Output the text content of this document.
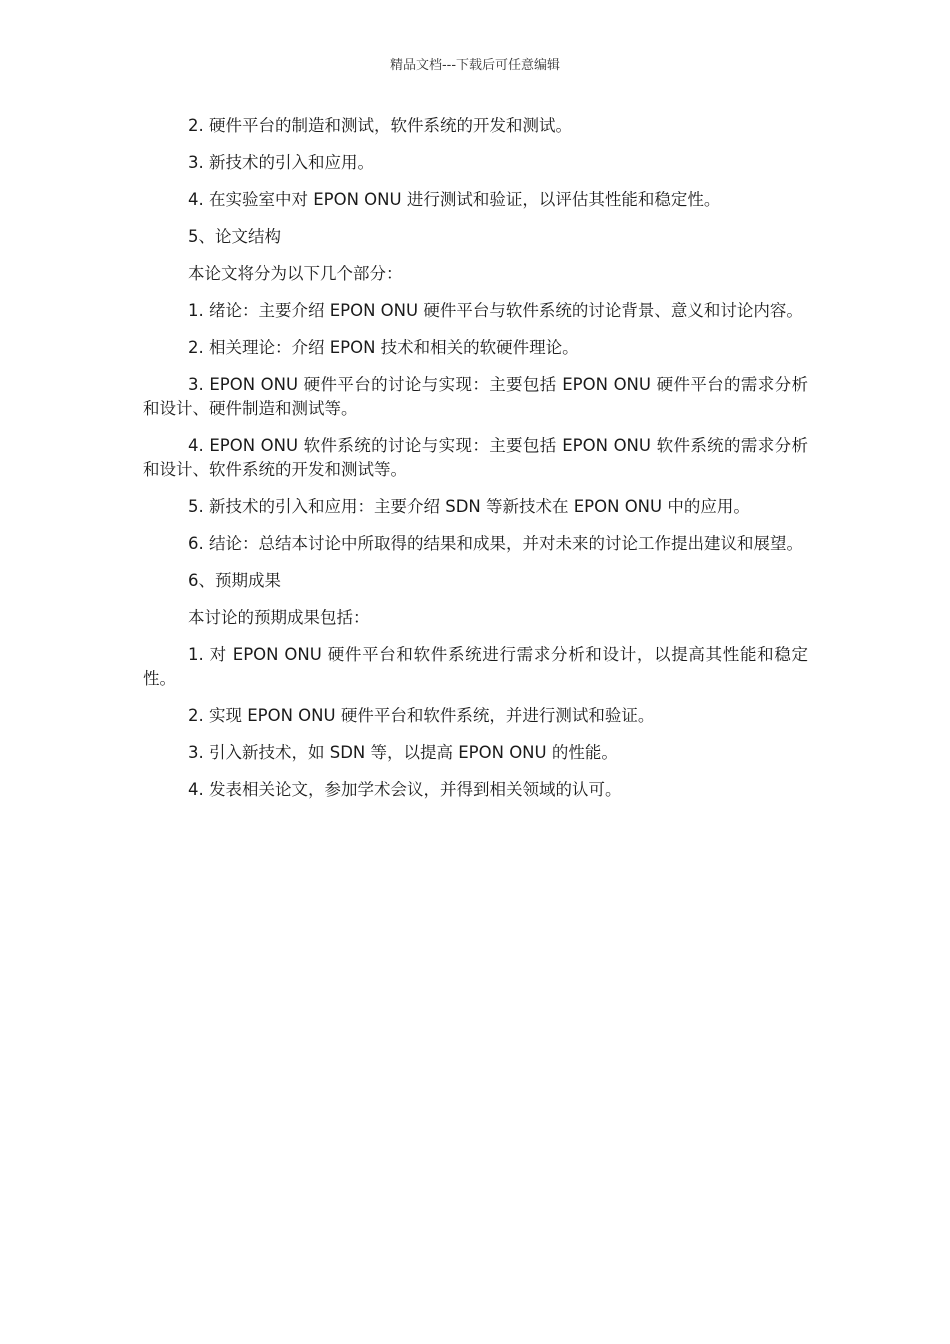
精品文档---下载后可任意编辑

2. 硬件平台的制造和测试，软件系统的开发和测试。

3. 新技术的引入和应用。

4. 在实验室中对 EPON ONU 进行测试和验证，以评估其性能和稳定性。

5、论文结构

本论文将分为以下几个部分：

1. 绪论：主要介绍 EPON ONU 硬件平台与软件系统的讨论背景、意义和讨论内容。

2. 相关理论：介绍 EPON 技术和相关的软硬件理论。

3. EPON ONU 硬件平台的讨论与实现：主要包括 EPON ONU 硬件平台的需求分析和设计、硬件制造和测试等。

4. EPON ONU 软件系统的讨论与实现：主要包括 EPON ONU 软件系统的需求分析和设计、软件系统的开发和测试等。

5. 新技术的引入和应用：主要介绍 SDN 等新技术在 EPON ONU 中的应用。

6. 结论：总结本讨论中所取得的结果和成果，并对未来的讨论工作提出建议和展望。

6、预期成果

本讨论的预期成果包括：

1. 对 EPON ONU 硬件平台和软件系统进行需求分析和设计，以提高其性能和稳定性。

2. 实现 EPON ONU 硬件平台和软件系统，并进行测试和验证。

3. 引入新技术，如 SDN 等，以提高 EPON ONU 的性能。

4. 发表相关论文，参加学术会议，并得到相关领域的认可。
